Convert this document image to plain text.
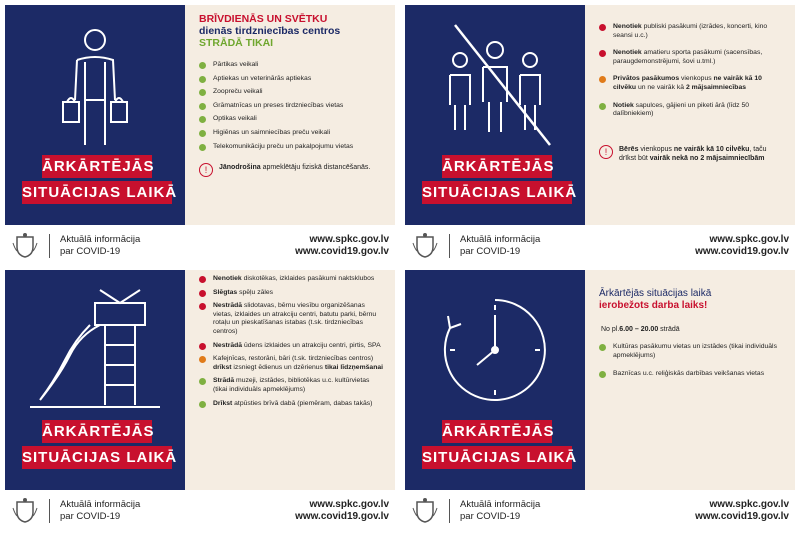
ĀRKĀRTĒJĀS
SITUĀCIJAS LAIKĀ
BRĪVDIENĀS UN SVĒTKU
dienās tirdzniecības centros
STRĀDĀ TIKAI
Pārtikas veikali
Aptiekas un veterinārās aptiekas
Zoopreču veikali
Grāmatnīcas un preses tirdzniecības vietas
Optikas veikali
Higiēnas un saimniecības preču veikali
Telekomunikāciju preču un pakalpojumu vietas
!	Jānodrošina apmeklētāju fiziskā distancēšanās.
Aktuālā informācija
par COVID-19
www.spkc.gov.lv
www.covid19.gov.lv
ĀRKĀRTĒJĀS
SITUĀCIJAS LAIKĀ
Nenotiek publiski pasākumi (izrādes, koncerti, kino seansi u.c.)
Nenotiek amatieru sporta pasākumi (sacensības, paraugdemonstrējumi, šovi u.tml.)
Privātos pasākumos vienkopus ne vairāk kā 10 cilvēku un ne vairāk kā 2 mājsaimniecības
Notiek sapulces, gājieni un piketi ārā (līdz 50 dalībniekiem)
!	Bērēs vienkopus ne vairāk kā 10 cilvēku, taču drīkst būt vairāk nekā no 2 mājsaimniecībām
Aktuālā informācija
par COVID-19
www.spkc.gov.lv
www.covid19.gov.lv
ĀRKĀRTĒJĀS
SITUĀCIJAS LAIKĀ
Nenotiek diskotēkas, izklaides pasākumi naktsklubos
Slēgtas spēļu zāles
Nestrādā slidotavas, bērnu viesību organizēšanas vietas, izklaides un atrakciju centri, batutu parki, bērnu rotaļu un pieskatīšanas istabas (t.sk. tirdzniecības centros)
Nestrādā ūdens izklaides un atrakciju centri, pirtis, SPA
Kafejnīcas, restorāni, bāri (t.sk. tirdzniecības centros) drīkst izsniegt ēdienus un dzērienus tikai līdzņemšanai
Strādā muzeji, izstādes, bibliotēkas u.c. kultūrvietas (tikai individuāls apmeklējums)
Drīkst atpūsties brīvā dabā (piemēram, dabas takās)
Aktuālā informācija
par COVID-19
www.spkc.gov.lv
www.covid19.gov.lv
ĀRKĀRTĒJĀS
SITUĀCIJAS LAIKĀ
Ārkārtējās situācijas laikā
ierobežots darba laiks!
No pl.6.00 – 20.00 strādā
Kultūras pasākumu vietas un izstādes (tikai individuāls apmeklējums)
Baznīcas u.c. reliģiskās darbības veikšanas vietas
Aktuālā informācija
par COVID-19
www.spkc.gov.lv
www.covid19.gov.lv
